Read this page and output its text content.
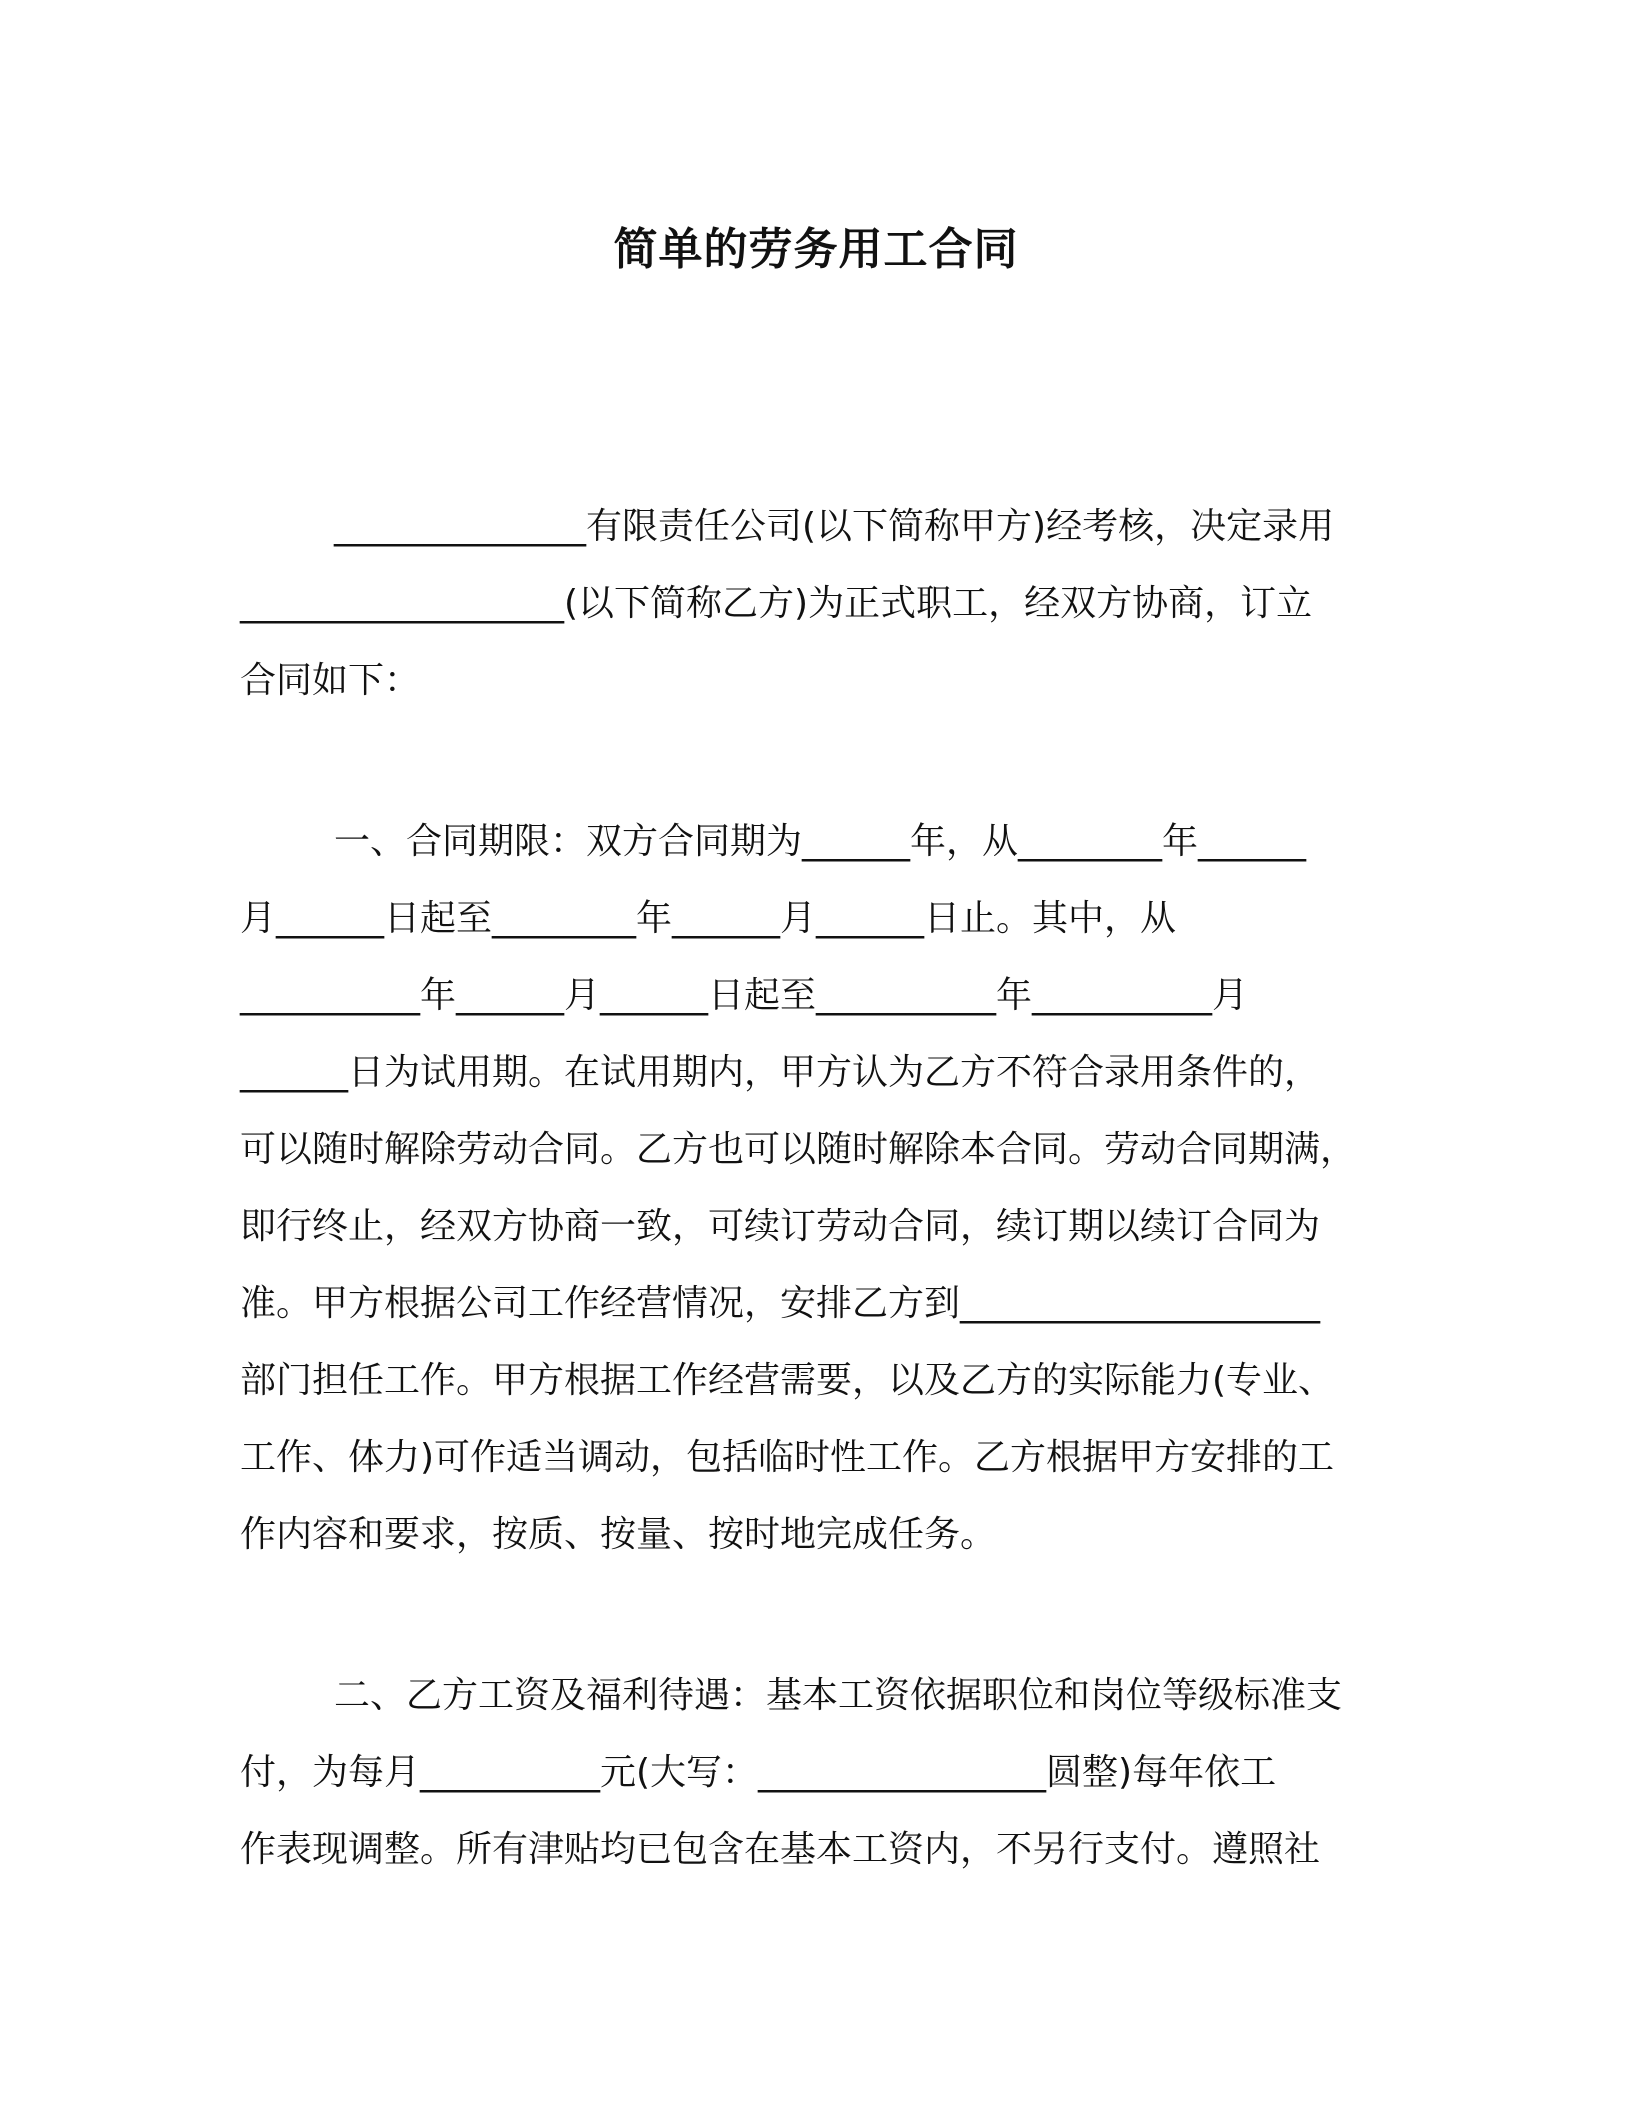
简单的劳务用工合同

______________有限责任公司(以下简称甲方)经考核，决定录用
__________________(以下简称乙方)为正式职工，经双方协商，订立
合同如下：

一、合同期限：双方合同期为______年，从________年______
月______日起至________年______月______日止。其中，从
__________年______月______日起至__________年__________月
______日为试用期。在试用期内，甲方认为乙方不符合录用条件的，
可以随时解除劳动合同。乙方也可以随时解除本合同。劳动合同期满，
即行终止，经双方协商一致，可续订劳动合同，续订期以续订合同为
准。甲方根据公司工作经营情况，安排乙方到____________________
部门担任工作。甲方根据工作经营需要，以及乙方的实际能力(专业、
工作、体力)可作适当调动，包括临时性工作。乙方根据甲方安排的工
作内容和要求，按质、按量、按时地完成任务。

二、乙方工资及福利待遇：基本工资依据职位和岗位等级标准支
付，为每月__________元(大写：________________圆整)每年依工
作表现调整。所有津贴均已包含在基本工资内，不另行支付。遵照社
